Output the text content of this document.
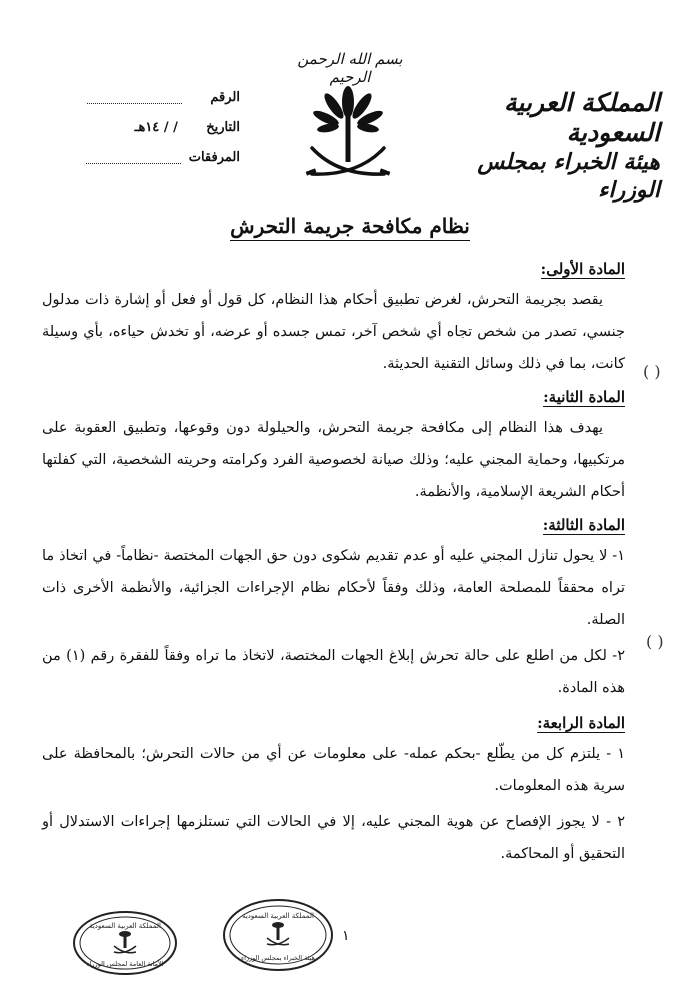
بسم الله الرحمن الرحيم
المملكة العربية السعودية
هيئة الخبراء بمجلس الوزراء
الرقم
التاريخ / / ١٤هـ
المرفقات
نظام مكافحة جريمة التحرش

المادة الأولى:

يقصد بجريمة التحرش، لغرض تطبيق أحكام هذا النظام، كل قول أو فعل أو إشارة ذات مدلول جنسي، تصدر من شخص تجاه أي شخص آخر، تمس جسده أو عرضه، أو تخدش حياءه، بأي وسيلة كانت، بما في ذلك وسائل التقنية الحديثة.

المادة الثانية:

يهدف هذا النظام إلى مكافحة جريمة التحرش، والحيلولة دون وقوعها، وتطبيق العقوبة على مرتكبيها، وحماية المجني عليه؛ وذلك صيانة لخصوصية الفرد وكرامته وحريته الشخصية، التي كفلتها أحكام الشريعة الإسلامية، والأنظمة.

المادة الثالثة:

١- لا يحول تنازل المجني عليه أو عدم تقديم شكوى دون حق الجهات المختصة -نظاماً- في اتخاذ ما تراه محققاً للمصلحة العامة، وذلك وفقاً لأحكام نظام الإجراءات الجزائية، والأنظمة الأخرى ذات الصلة.

٢- لكل من اطلع على حالة تحرش إبلاغ الجهات المختصة، لاتخاذ ما تراه وفقاً للفقرة رقم (١) من هذه المادة.

المادة الرابعة:

١ - يلتزم كل من يطّلع -بحكم عمله- على معلومات عن أي من حالات التحرش؛ بالمحافظة على سرية هذه المعلومات.

٢ - لا يجوز الإفصاح عن هوية المجني عليه، إلا في الحالات التي تستلزمها إجراءات الاستدلال أو التحقيق أو المحاكمة.

( )
( )
١
المملكة العربية السعودية
الأمانة العامة لمجلس الوزراء
المملكة العربية السعودية
هيئة الخبراء بمجلس الوزراء
